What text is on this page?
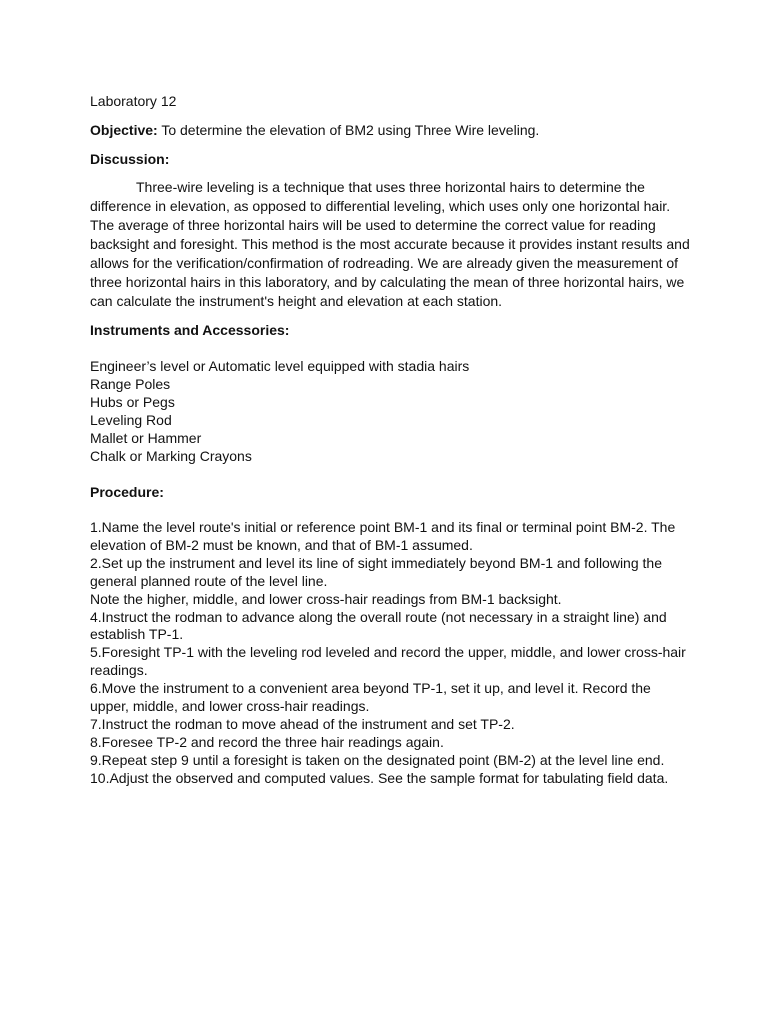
Laboratory 12

Objective: To determine the elevation of BM2 using Three Wire leveling.

Discussion:

Three-wire leveling is a technique that uses three horizontal hairs to determine the difference in elevation, as opposed to differential leveling, which uses only one horizontal hair. The average of three horizontal hairs will be used to determine the correct value for reading backsight and foresight. This method is the most accurate because it provides instant results and allows for the verification/confirmation of rodreading. We are already given the measurement of three horizontal hairs in this laboratory, and by calculating the mean of three horizontal hairs, we can calculate the instrument's height and elevation at each station.

Instruments and Accessories:

Engineer’s level or Automatic level equipped with stadia hairs
Range Poles
Hubs or Pegs
Leveling Rod
Mallet or Hammer
Chalk or Marking Crayons

Procedure:

1.Name the level route's initial or reference point BM-1 and its final or terminal point BM-2. The elevation of BM-2 must be known, and that of BM-1 assumed.
2.Set up the instrument and level its line of sight immediately beyond BM-1 and following the general planned route of the level line.
Note the higher, middle, and lower cross-hair readings from BM-1 backsight.
4.Instruct the rodman to advance along the overall route (not necessary in a straight line) and establish TP-1.
5.Foresight TP-1 with the leveling rod leveled and record the upper, middle, and lower cross-hair readings.
6.Move the instrument to a convenient area beyond TP-1, set it up, and level it. Record the upper, middle, and lower cross-hair readings.
7.Instruct the rodman to move ahead of the instrument and set TP-2.
8.Foresee TP-2 and record the three hair readings again.
9.Repeat step 9 until a foresight is taken on the designated point (BM-2) at the level line end.
10.Adjust the observed and computed values. See the sample format for tabulating field data.
